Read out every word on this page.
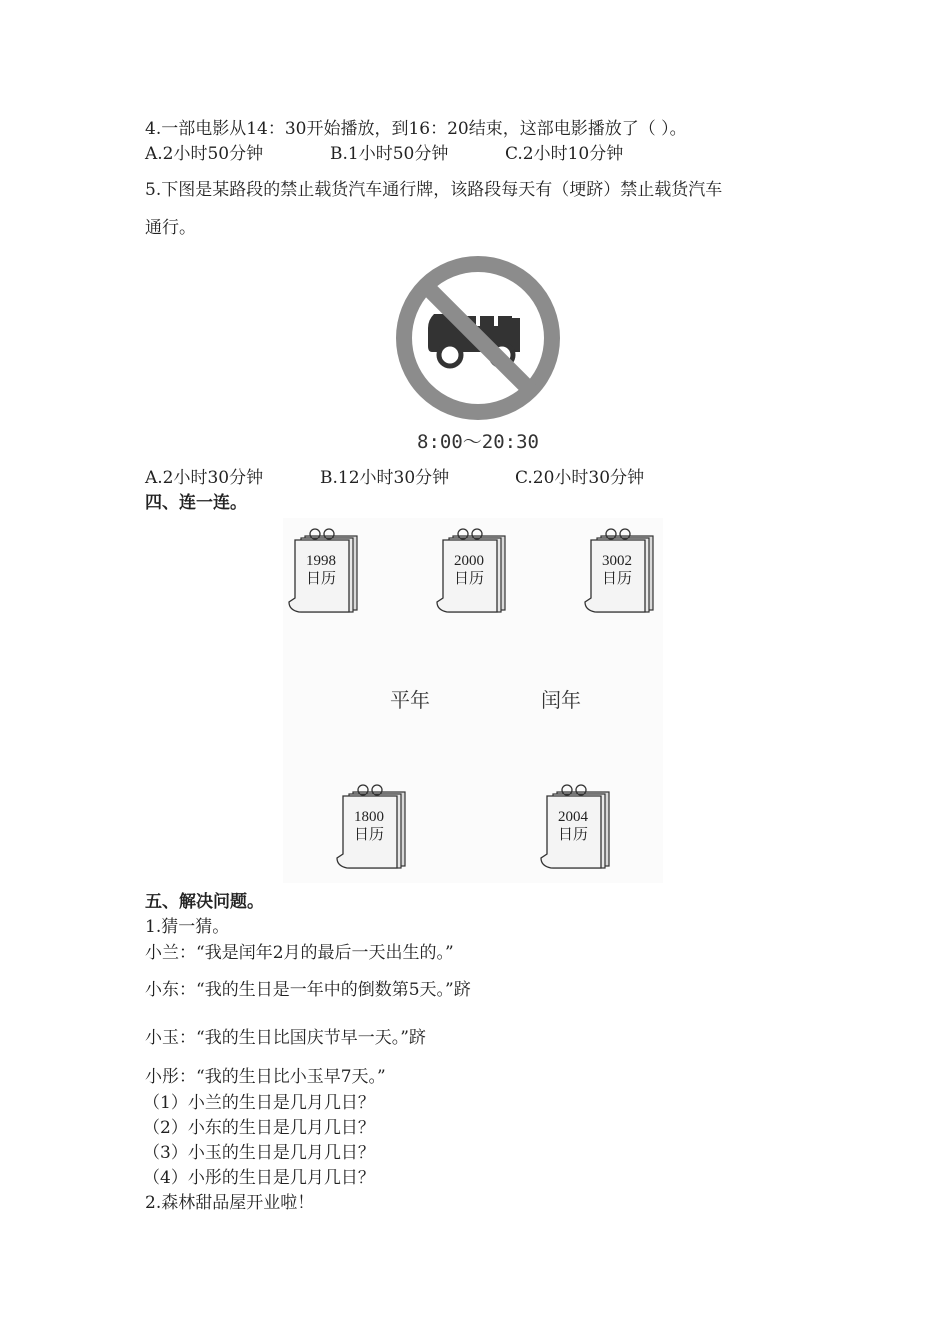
4.一部电影从14：30开始播放，到16：20结束，这部电影播放了（ ）。
A.2小时50分钟	B.1小时50分钟	C.2小时10分钟
5.下图是某路段的禁止载货汽车通行牌，该路段每天有（埂跻）禁止载货汽车
通行。
8:00～20:30
A.2小时30分钟	B.12小时30分钟	C.20小时30分钟
四、连一连。
1998
日历
2000
日历
3002
日历
平年	闰年
1800
日历
2004
日历
五、解决问题。
1.猜一猜。
小兰：“我是闰年2月的最后一天出生的。”
小东：“我的生日是一年中的倒数第5天。”跻
小玉：“我的生日比国庆节早一天。”跻
小彤：“我的生日比小玉早7天。”
（1）小兰的生日是几月几日？
（2）小东的生日是几月几日？
（3）小玉的生日是几月几日？
（4）小彤的生日是几月几日？
2.森林甜品屋开业啦！
